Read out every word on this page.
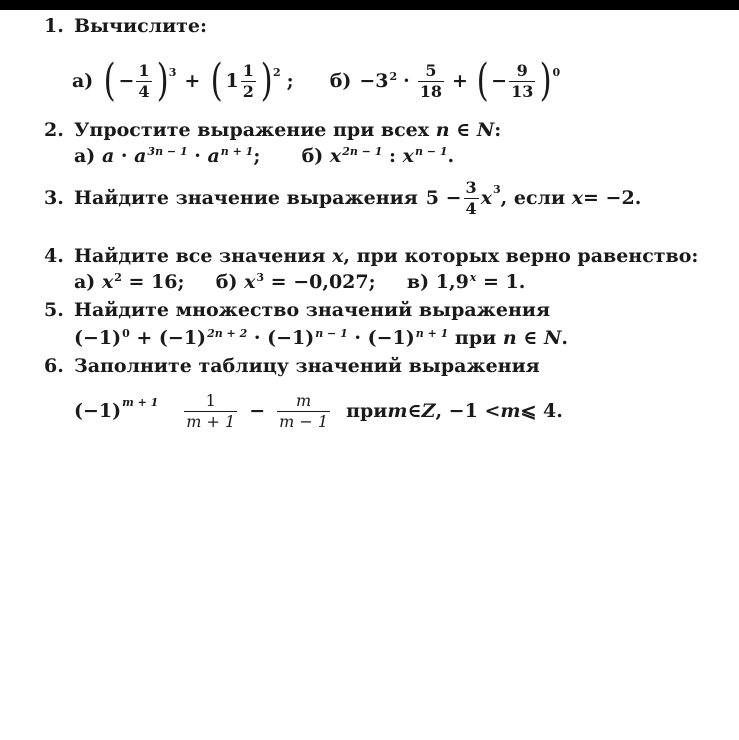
1. Вычислите:
а) ( − $\frac{1}{4}$ ) 3 + ( $1 \frac{1}{2}$ ) 2 ; $б) -3^2 \cdot \frac{5}{18}$ + ( − $\frac{9}{13}$ ) 0
2. Упростите выражение при всех n ∈ N:
а) $a \cdot a^{3n - 1} \cdot a^{n + 1}$; б) $x^{2n - 1}$ : $x^{n - 1}$.
3. Найдите значение выражения $5 - \frac{3}{4} x^3$ , если
x = −2.
4. Найдите все значения x, при которых верно равенство:
а) $x^2 = 16$; б) $x^3 = -0,027$; в) $1,9^x = 1$.
5. Найдите множество значений выражения
$(-1)^0 + (-1)^{2n + 2} \cdot (-1)^{n - 1} \cdot (-1)^{n + 1}$ при n ∈ N.
6. Заполните таблицу значений выражения
$(-1)^{m + 1} \frac{1}{m + 1} - \frac{m}{m - 1}$ при m ∈ Z , −1 < m ⩽ 4.
